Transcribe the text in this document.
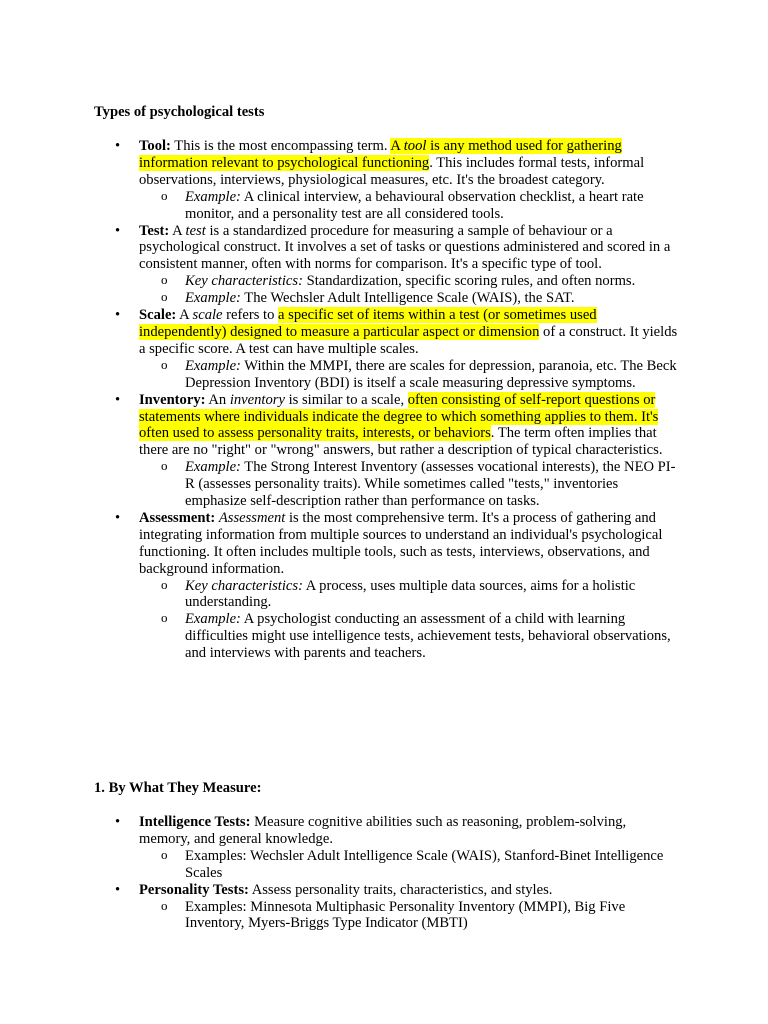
Types of psychological tests
• Tool: This is the most encompassing term. A tool is any method used for gathering information relevant to psychological functioning. This includes formal tests, informal observations, interviews, physiological measures, etc. It's the broadest category.
o Example: A clinical interview, a behavioural observation checklist, a heart rate monitor, and a personality test are all considered tools.
• Test: A test is a standardized procedure for measuring a sample of behaviour or a psychological construct. It involves a set of tasks or questions administered and scored in a consistent manner, often with norms for comparison. It's a specific type of tool.
o Key characteristics: Standardization, specific scoring rules, and often norms.
o Example: The Wechsler Adult Intelligence Scale (WAIS), the SAT.
• Scale: A scale refers to a specific set of items within a test (or sometimes used independently) designed to measure a particular aspect or dimension of a construct. It yields a specific score. A test can have multiple scales.
o Example: Within the MMPI, there are scales for depression, paranoia, etc. The Beck Depression Inventory (BDI) is itself a scale measuring depressive symptoms.
• Inventory: An inventory is similar to a scale, often consisting of self-report questions or statements where individuals indicate the degree to which something applies to them. It's often used to assess personality traits, interests, or behaviors. The term often implies that there are no "right" or "wrong" answers, but rather a description of typical characteristics.
o Example: The Strong Interest Inventory (assesses vocational interests), the NEO PI-R (assesses personality traits). While sometimes called "tests," inventories emphasize self-description rather than performance on tasks.
• Assessment: Assessment is the most comprehensive term. It's a process of gathering and integrating information from multiple sources to understand an individual's psychological functioning. It often includes multiple tools, such as tests, interviews, observations, and background information.
o Key characteristics: A process, uses multiple data sources, aims for a holistic understanding.
o Example: A psychologist conducting an assessment of a child with learning difficulties might use intelligence tests, achievement tests, behavioral observations, and interviews with parents and teachers.
1. By What They Measure:
• Intelligence Tests: Measure cognitive abilities such as reasoning, problem-solving, memory, and general knowledge.
o Examples: Wechsler Adult Intelligence Scale (WAIS), Stanford-Binet Intelligence Scales
• Personality Tests: Assess personality traits, characteristics, and styles.
o Examples: Minnesota Multiphasic Personality Inventory (MMPI), Big Five Inventory, Myers-Briggs Type Indicator (MBTI)
